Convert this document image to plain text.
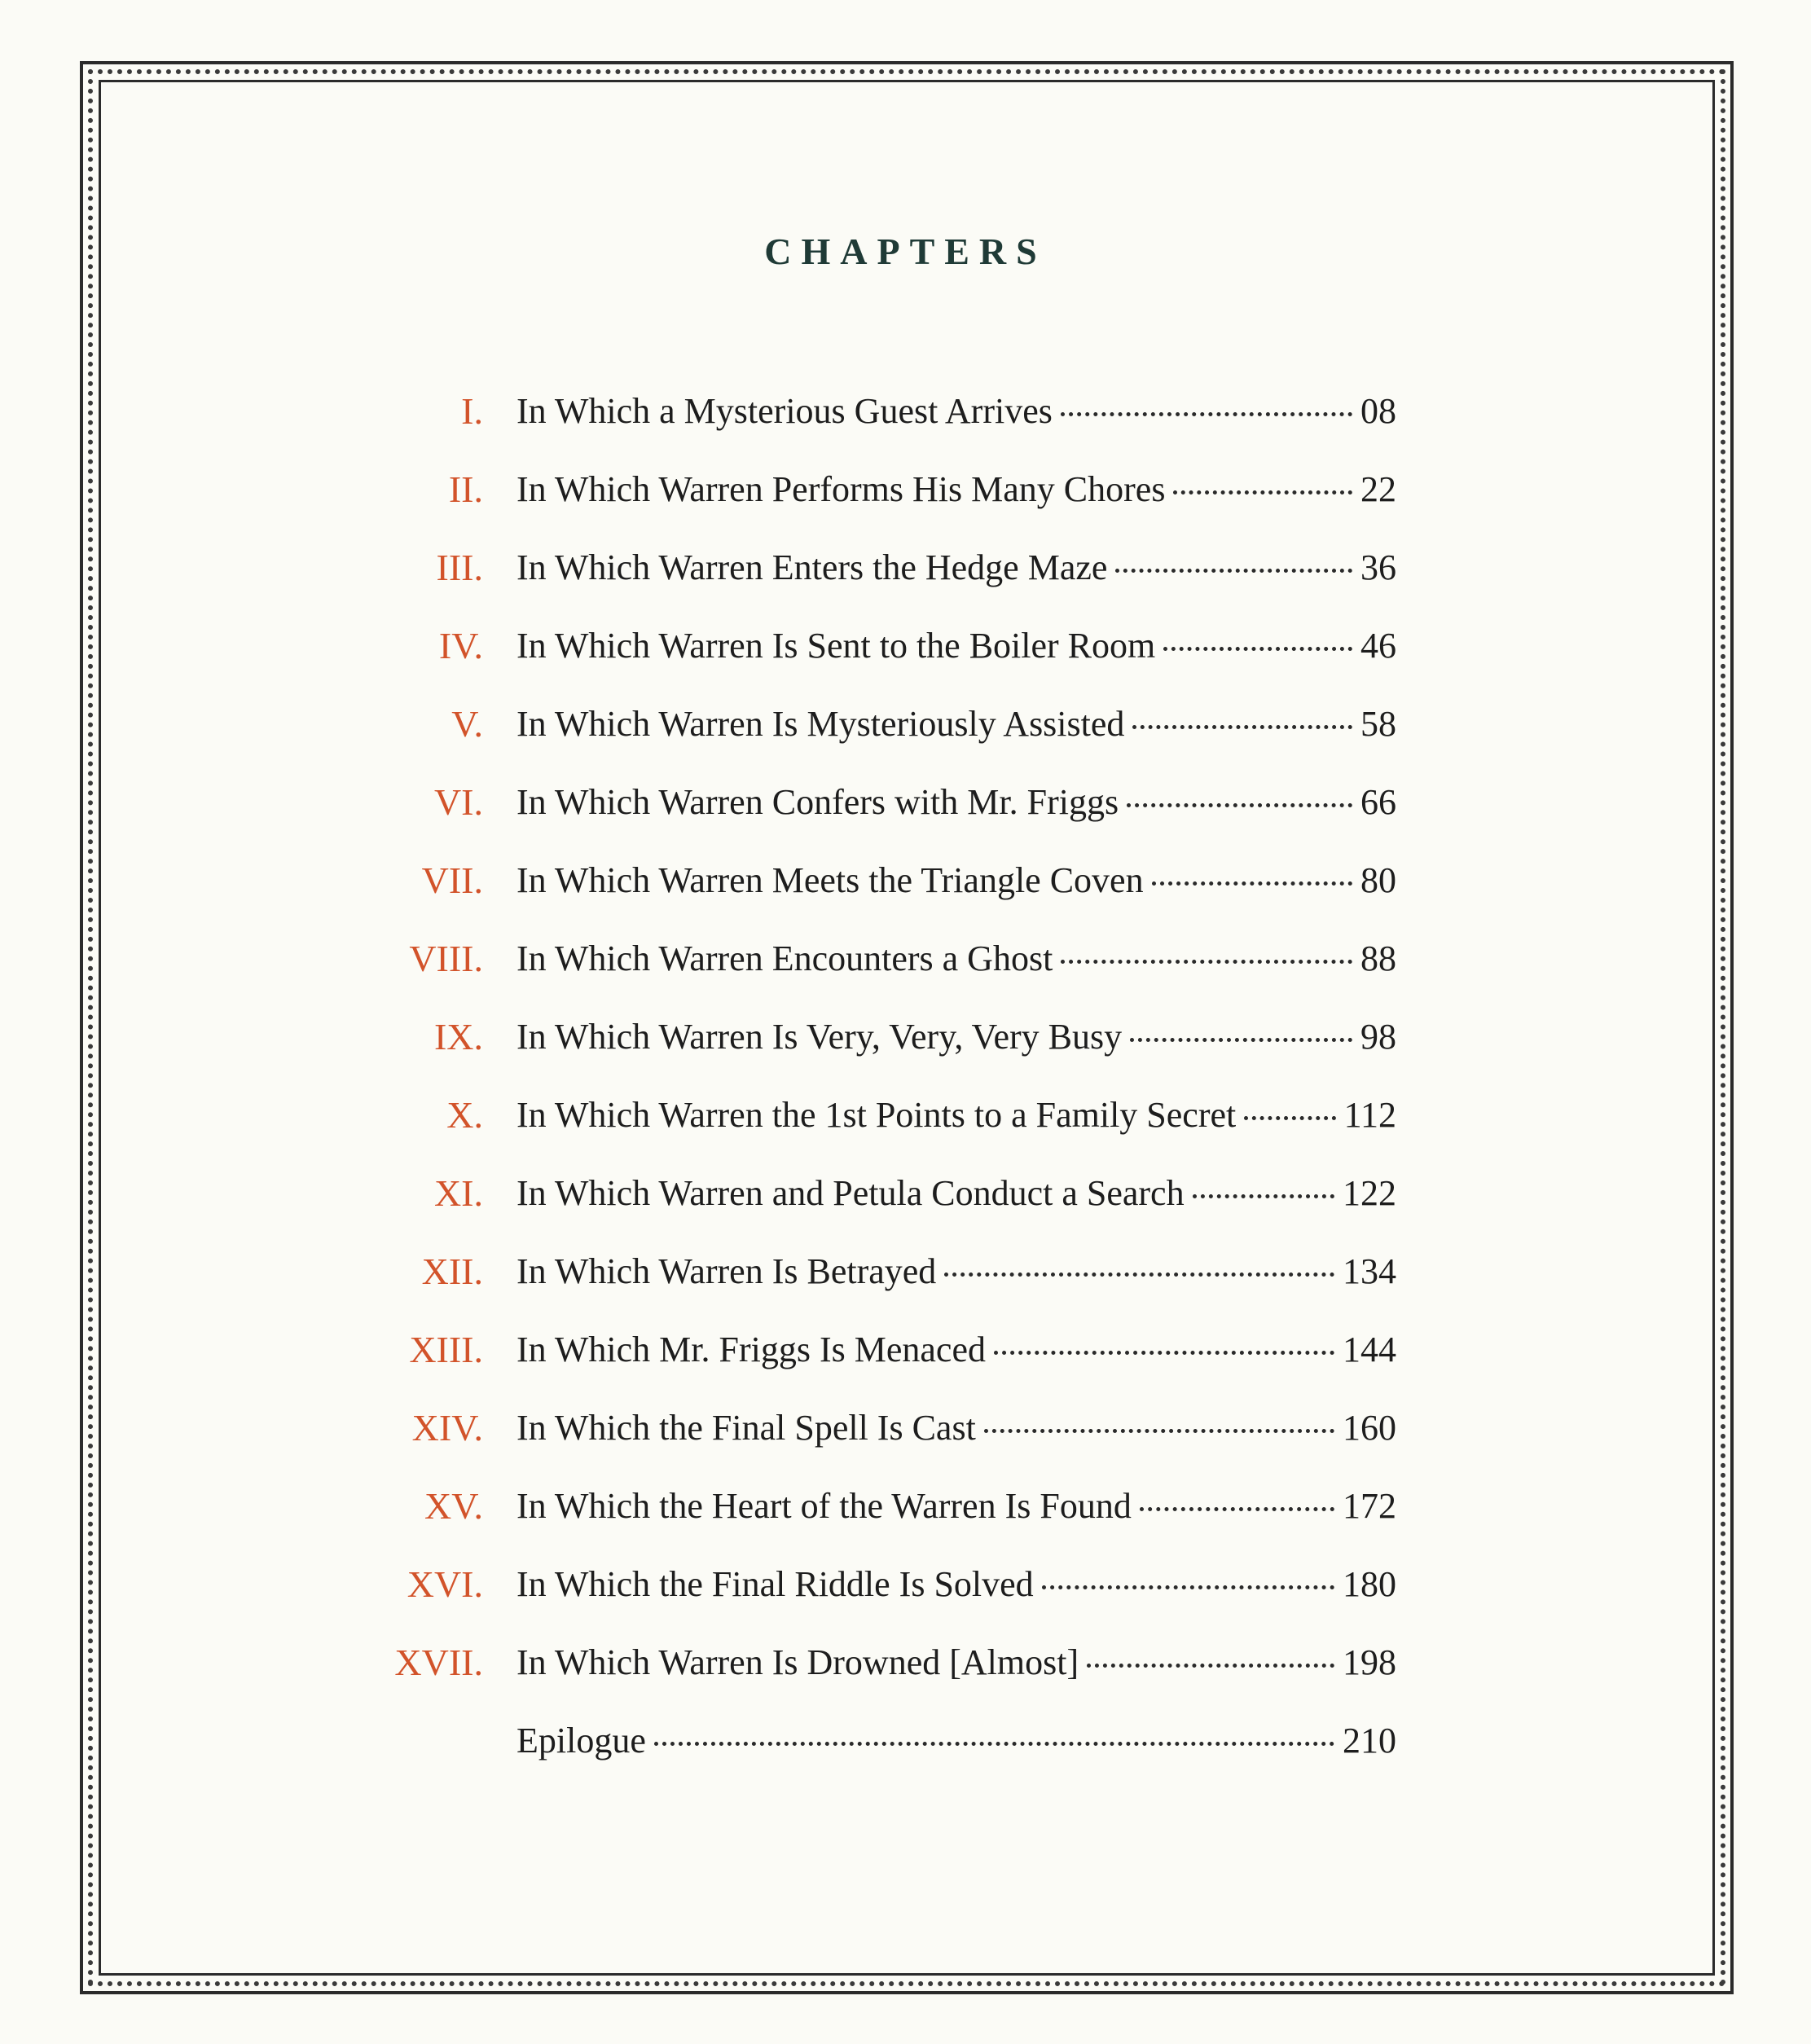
CHAPTERS
I. In Which a Mysterious Guest Arrives	08
II. In Which Warren Performs His Many Chores	22
III. In Which Warren Enters the Hedge Maze	36
IV. In Which Warren Is Sent to the Boiler Room	46
V. In Which Warren Is Mysteriously Assisted	58
VI. In Which Warren Confers with Mr. Friggs	66
VII. In Which Warren Meets the Triangle Coven	80
VIII. In Which Warren Encounters a Ghost	88
IX. In Which Warren Is Very, Very, Very Busy	98
X. In Which Warren the 1st Points to a Family Secret	112
XI. In Which Warren and Petula Conduct a Search	122
XII. In Which Warren Is Betrayed	134
XIII. In Which Mr. Friggs Is Menaced	144
XIV. In Which the Final Spell Is Cast	160
XV. In Which the Heart of the Warren Is Found	172
XVI. In Which the Final Riddle Is Solved	180
XVII. In Which Warren Is Drowned [Almost]	198
Epilogue	210
